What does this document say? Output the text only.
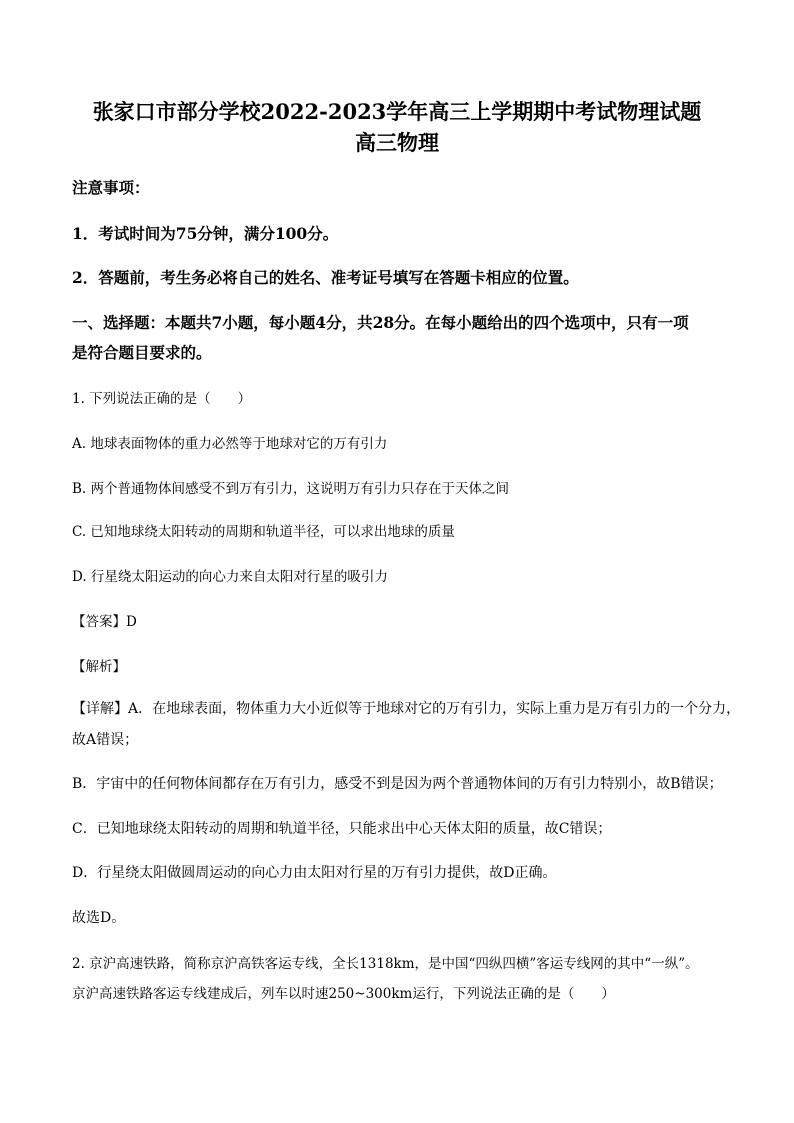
张家口市部分学校2022-2023学年高三上学期期中考试物理试题
高三物理
注意事项：
1．考试时间为75分钟，满分100分。
2．答题前，考生务必将自己的姓名、准考证号填写在答题卡相应的位置。
一、选择题：本题共7小题，每小题4分，共28分。在每小题给出的四个选项中，只有一项
是符合题目要求的。
1. 下列说法正确的是（　　）
A. 地球表面物体的重力必然等于地球对它的万有引力
B. 两个普通物体间感受不到万有引力，这说明万有引力只存在于天体之间
C. 已知地球绕太阳转动的周期和轨道半径，可以求出地球的质量
D. 行星绕太阳运动的向心力来自太阳对行星的吸引力
【答案】D
【解析】
【详解】A．在地球表面，物体重力大小近似等于地球对它的万有引力，实际上重力是万有引力的一个分力，
故A错误；
B．宇宙中的任何物体间都存在万有引力，感受不到是因为两个普通物体间的万有引力特别小，故B错误；
C．已知地球绕太阳转动的周期和轨道半径，只能求出中心天体太阳的质量，故C错误；
D．行星绕太阳做圆周运动的向心力由太阳对行星的万有引力提供，故D正确。
故选D。
2. 京沪高速铁路，简称京沪高铁客运专线，全长1318km，是中国“四纵四横”客运专线网的其中“一纵”。
京沪高速铁路客运专线建成后，列车以时速250~300km运行，下列说法正确的是（　　）
